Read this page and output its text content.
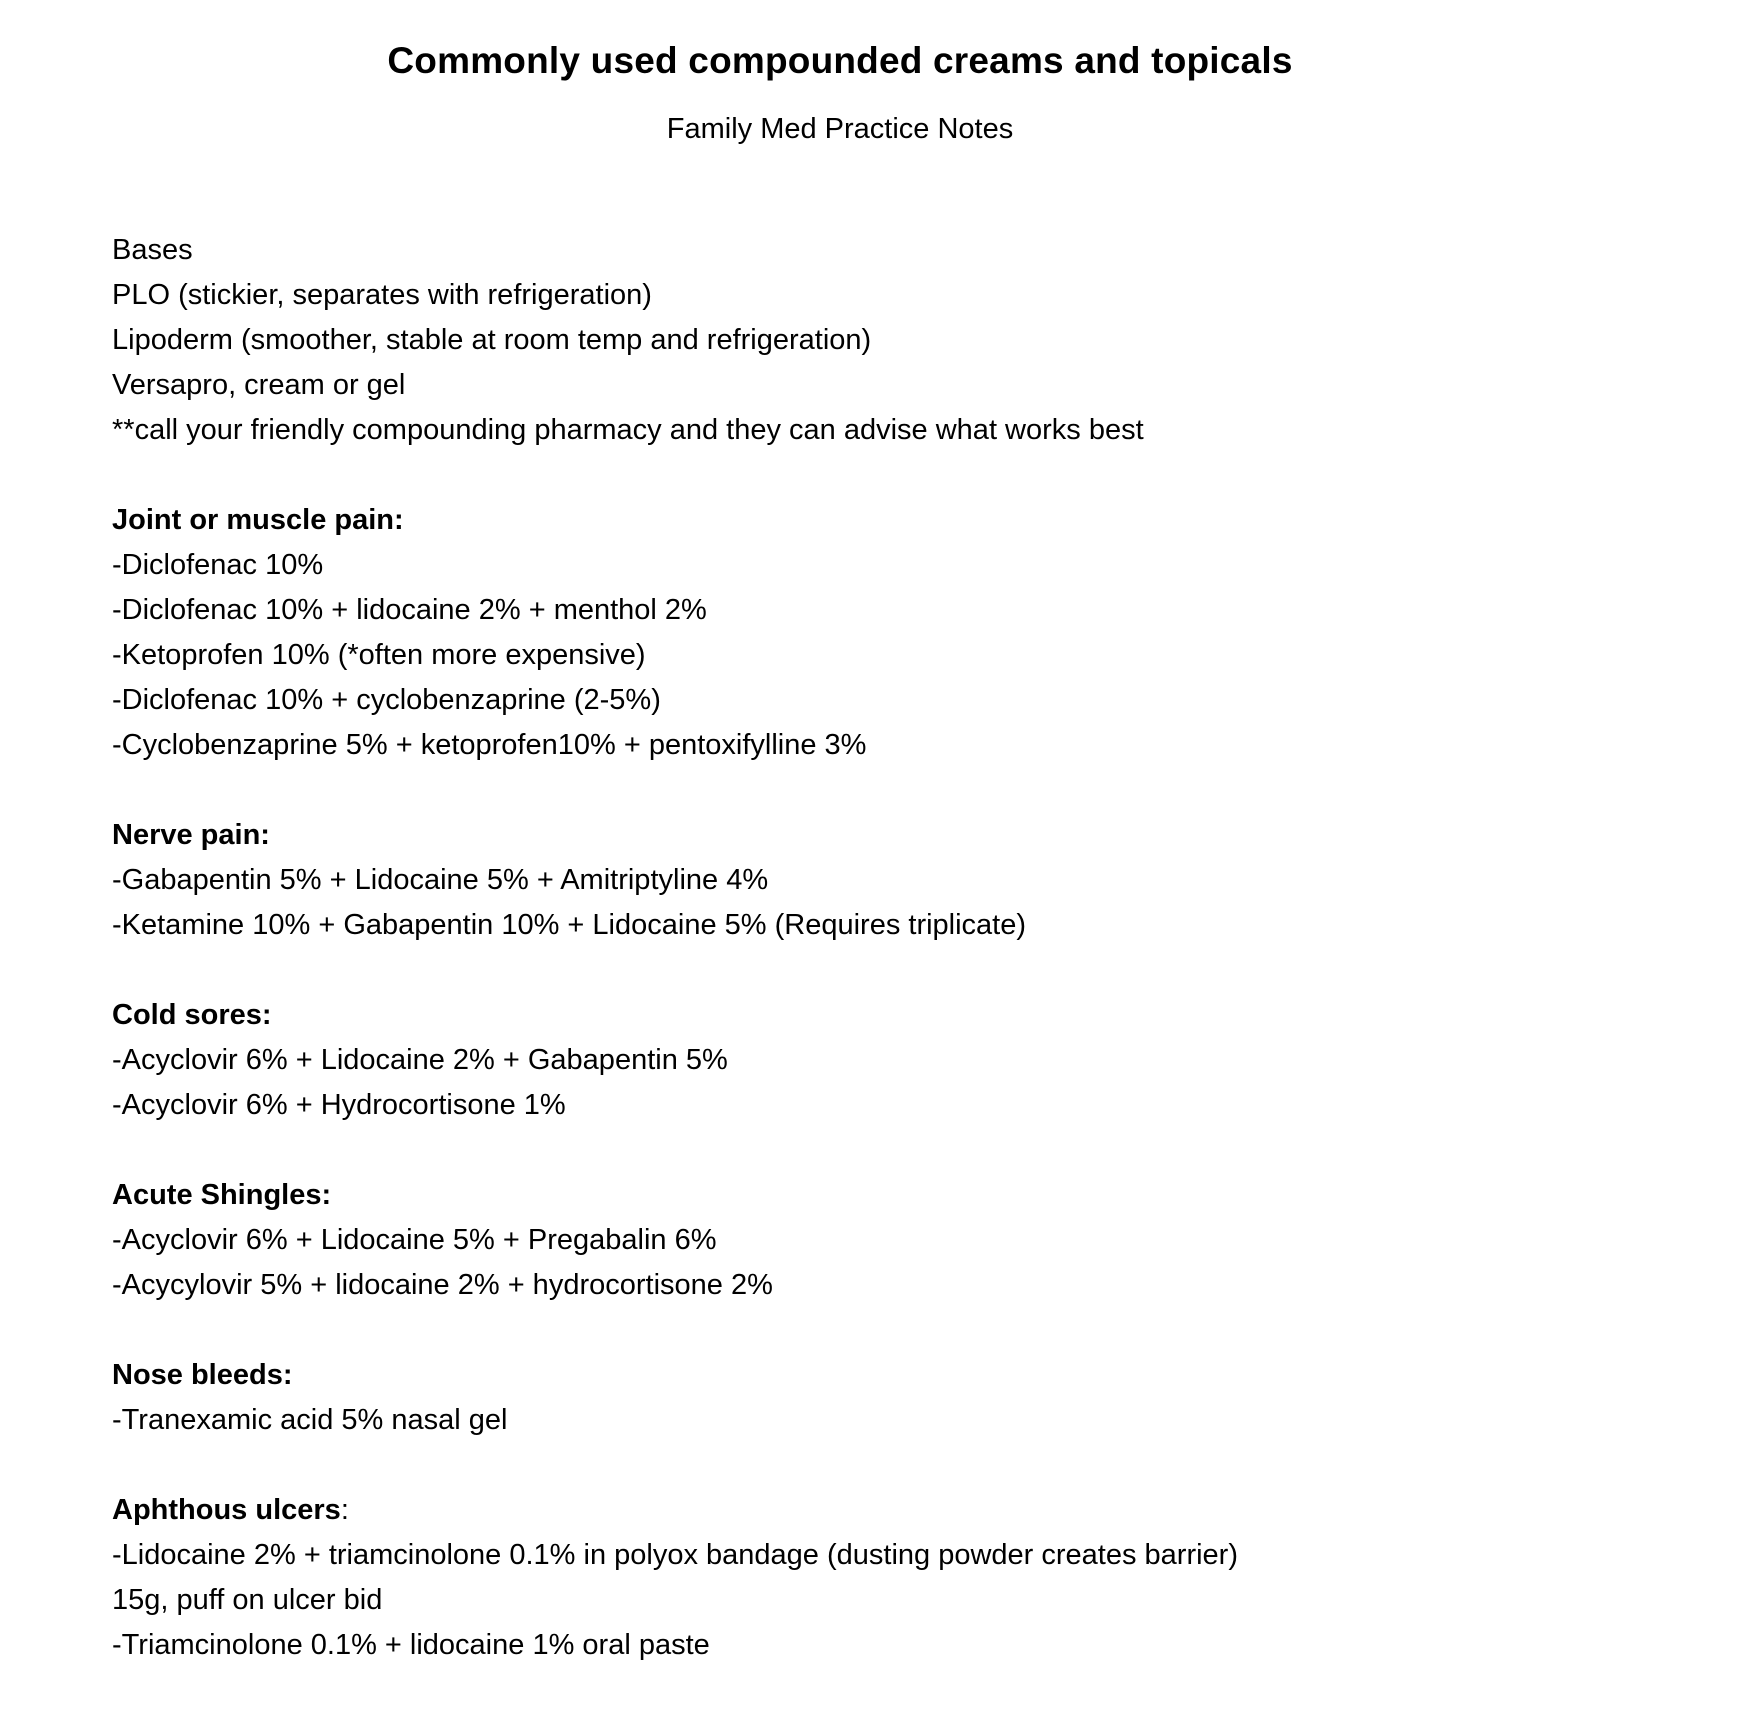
Commonly used compounded creams and topicals
Family Med Practice Notes
Bases
PLO (stickier, separates with refrigeration)
Lipoderm (smoother, stable at room temp and refrigeration)
Versapro, cream or gel
**call your friendly compounding pharmacy and they can advise what works best
Joint or muscle pain:
-Diclofenac 10%
-Diclofenac 10% + lidocaine 2% + menthol 2%
-Ketoprofen 10% (*often more expensive)
-Diclofenac 10% + cyclobenzaprine (2-5%)
-Cyclobenzaprine 5% + ketoprofen10% + pentoxifylline 3%
Nerve pain:
-Gabapentin 5% + Lidocaine 5% + Amitriptyline 4%
-Ketamine 10% + Gabapentin 10% + Lidocaine 5% (Requires triplicate)
Cold sores:
-Acyclovir 6% + Lidocaine 2% + Gabapentin 5%
-Acyclovir 6% + Hydrocortisone 1%
Acute Shingles:
-Acyclovir 6% + Lidocaine 5% + Pregabalin 6%
-Acycylovir 5% + lidocaine 2% + hydrocortisone 2%
Nose bleeds:
-Tranexamic acid 5% nasal gel
Aphthous ulcers:
-Lidocaine 2% + triamcinolone 0.1% in polyox bandage (dusting powder creates barrier)
15g, puff on ulcer bid
-Triamcinolone 0.1% + lidocaine 1% oral paste
